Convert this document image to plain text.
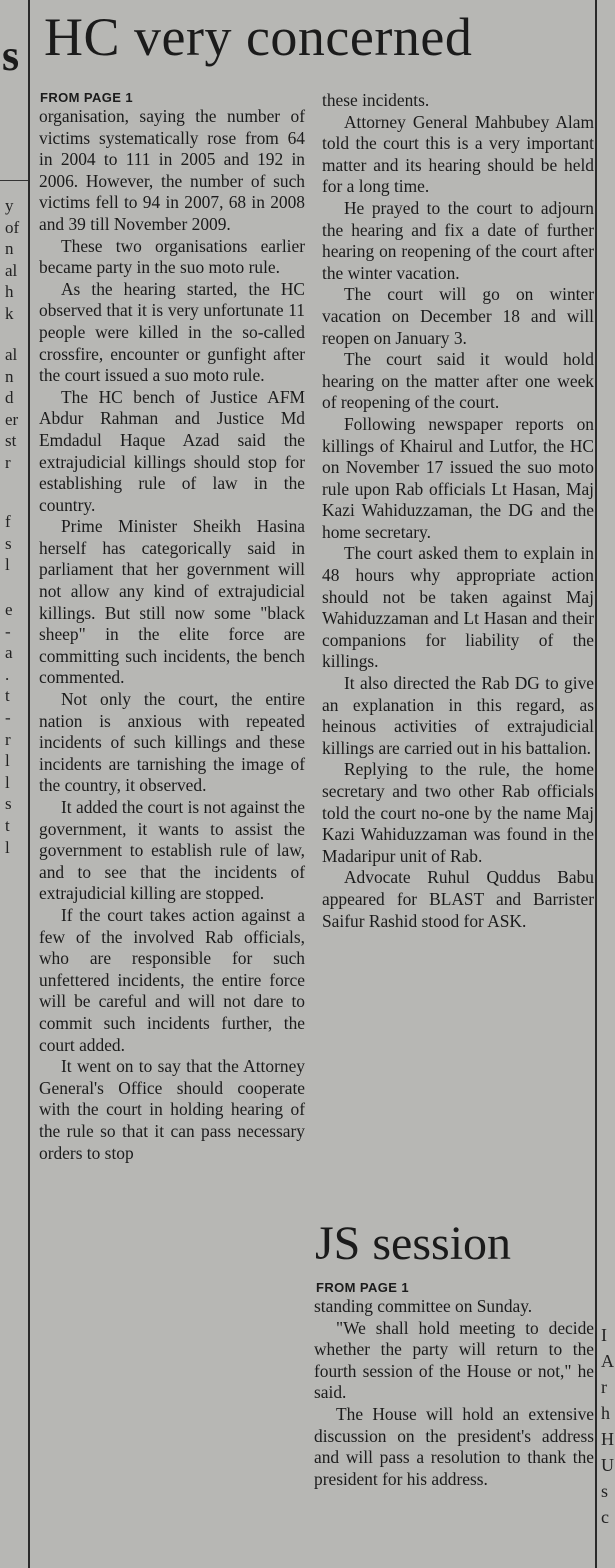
s
y
of
n
al
h
k
al
n
d
er
st
r
f
s
l
e
-
a
.
t
-
r
l
l
s
t
l
I
A
r
h
H
U
s
c
HC very concerned
FROM PAGE 1

organisation, saying the number of victims systematically rose from 64 in 2004 to 111 in 2005 and 192 in 2006. However, the number of such victims fell to 94 in 2007, 68 in 2008 and 39 till November 2009.

These two organisations earlier became party in the suo moto rule.

As the hearing started, the HC observed that it is very unfortunate 11 people were killed in the so-called crossfire, encounter or gunfight after the court issued a suo moto rule.

The HC bench of Justice AFM Abdur Rahman and Justice Md Emdadul Haque Azad said the extrajudicial killings should stop for establishing rule of law in the country.

Prime Minister Sheikh Hasina herself has categorically said in parliament that her government will not allow any kind of extrajudicial killings. But still now some "black sheep" in the elite force are committing such incidents, the bench commented.

Not only the court, the entire nation is anxious with repeated incidents of such killings and these incidents are tarnishing the image of the country, it observed.

It added the court is not against the government, it wants to assist the government to establish rule of law, and to see that the incidents of extrajudicial killing are stopped.

If the court takes action against a few of the involved Rab officials, who are responsible for such unfettered incidents, the entire force will be careful and will not dare to commit such incidents further, the court added.

It went on to say that the Attorney General's Office should cooperate with the court in holding hearing of the rule so that it can pass necessary orders to stop

these incidents.

Attorney General Mahbubey Alam told the court this is a very important matter and its hearing should be held for a long time.

He prayed to the court to adjourn the hearing and fix a date of further hearing on reopening of the court after the winter vacation.

The court will go on winter vacation on December 18 and will reopen on January 3.

The court said it would hold hearing on the matter after one week of reopening of the court.

Following newspaper reports on killings of Khairul and Lutfor, the HC on November 17 issued the suo moto rule upon Rab officials Lt Hasan, Maj Kazi Wahiduzzaman, the DG and the home secretary.

The court asked them to explain in 48 hours why appropriate action should not be taken against Maj Wahiduzzaman and Lt Hasan and their companions for liability of the killings.

It also directed the Rab DG to give an explanation in this regard, as heinous activities of extrajudicial killings are carried out in his battalion.

Replying to the rule, the home secretary and two other Rab officials told the court no-one by the name Maj Kazi Wahiduzzaman was found in the Madaripur unit of Rab.

Advocate Ruhul Quddus Babu appeared for BLAST and Barrister Saifur Rashid stood for ASK.

JS session
FROM PAGE 1

standing committee on Sunday.

"We shall hold meeting to decide whether the party will return to the fourth session of the House or not," he said.

The House will hold an extensive discussion on the president's address and will pass a resolution to thank the president for his address.
